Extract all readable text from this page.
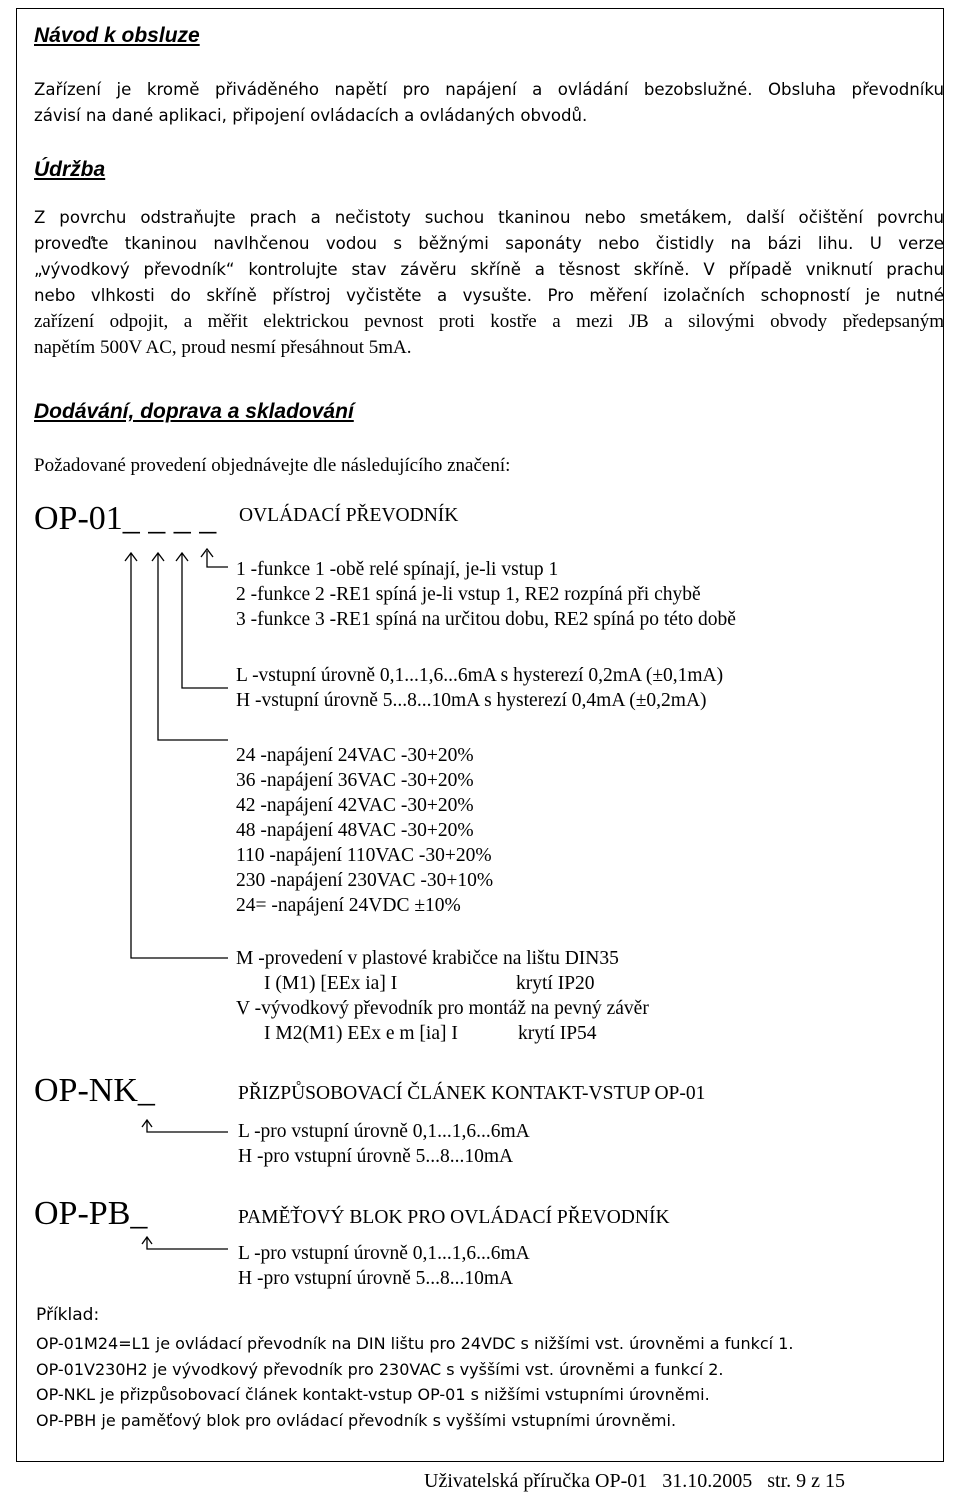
Návod k obsluze
Zařízení je kromě přiváděného napětí pro napájení a ovládání bezobslužné. Obsluha převodníku
závisí na dané aplikaci, připojení ovládacích a ovládaných obvodů.
Údržba
Z povrchu odstraňujte prach a nečistoty suchou tkaninou nebo smetákem, další očištění povrchu
proveďte tkaninou navlhčenou vodou s běžnými saponáty nebo čistidly na bázi lihu. U verze
„vývodkový převodník“ kontrolujte stav závěru skříně a těsnost skříně. V případě vniknutí prachu
nebo vlhkosti do skříně přístroj vyčistěte a vysušte. Pro měření izolačních schopností je nutné
zařízení odpojit, a měřit elektrickou pevnost proti kostře a mezi JB a silovými obvody předepsaným
napětím 500V AC, proud nesmí přesáhnout 5mA.
Dodávání, doprava a skladování
Požadované provedení objednávejte dle následujícího značení:
OP-01_ _ _ _ OVLÁDACÍ PŘEVODNÍK
1 -funkce 1 -obě relé spínají, je-li vstup 1
2 -funkce 2 -RE1 spíná je-li vstup 1, RE2 rozpíná při chybě
3 -funkce 3 -RE1 spíná na určitou dobu, RE2 spíná po této době
L -vstupní úrovně 0,1...1,6...6mA s hysterezí 0,2mA (±0,1mA)
H -vstupní úrovně 5...8...10mA s hysterezí 0,4mA (±0,2mA)
24 -napájení 24VAC -30+20%
36 -napájení 36VAC -30+20%
42 -napájení 42VAC -30+20%
48 -napájení 48VAC -30+20%
110 -napájení 110VAC -30+20%
230 -napájení 230VAC -30+10%
24= -napájení 24VDC ±10%
M -provedení v plastové krabičce na lištu DIN35
I (M1) [EEx ia] I	krytí IP20
V -vývodkový převodník pro montáž na pevný závěr
I M2(M1) EEx e m [ia] I	krytí IP54
OP-NK_	PŘIZPŮSOBOVACÍ ČLÁNEK KONTAKT-VSTUP OP-01
L -pro vstupní úrovně 0,1...1,6...6mA
H -pro vstupní úrovně 5...8...10mA
OP-PB_	PAMĚŤOVÝ BLOK PRO OVLÁDACÍ PŘEVODNÍK
L -pro vstupní úrovně 0,1...1,6...6mA
H -pro vstupní úrovně 5...8...10mA
Příklad:
OP-01M24=L1 je ovládací převodník na DIN lištu pro 24VDC s nižšími vst. úrovněmi a funkcí 1.
OP-01V230H2 je vývodkový převodník pro 230VAC s vyššími vst. úrovněmi a funkcí 2.
OP-NKL je přizpůsobovací článek kontakt-vstup OP-01 s nižšími vstupními úrovněmi.
OP-PBH je paměťový blok pro ovládací převodník s vyššími vstupními úrovněmi.
Uživatelská příručka OP-01   31.10.2005   str. 9 z 15
